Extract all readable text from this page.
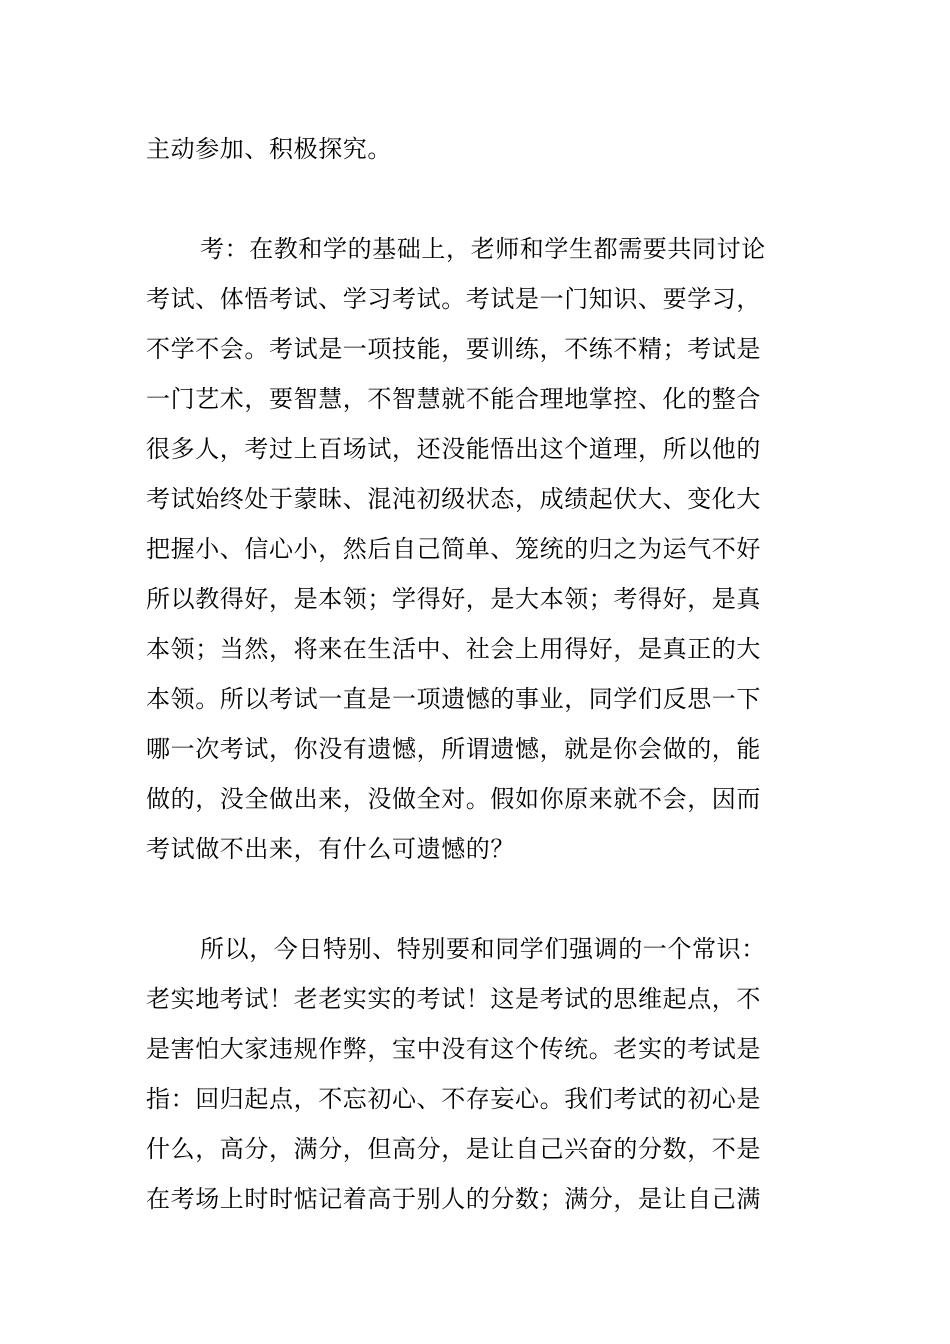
主动参加、积极探究。
考：在教和学的基础上，老师和学生都需要共同讨论
考试、体悟考试、学习考试。考试是一门知识、要学习，
不学不会。考试是一项技能，要训练，不练不精；考试是
一门艺术，要智慧，不智慧就不能合理地掌控、化的整合
很多人，考过上百场试，还没能悟出这个道理，所以他的
考试始终处于蒙昧、混沌初级状态，成绩起伏大、变化大
把握小、信心小，然后自己简单、笼统的归之为运气不好
所以教得好，是本领；学得好，是大本领；考得好，是真
本领；当然，将来在生活中、社会上用得好，是真正的大
本领。所以考试一直是一项遗憾的事业，同学们反思一下
哪一次考试，你没有遗憾，所谓遗憾，就是你会做的，能
做的，没全做出来，没做全对。假如你原来就不会，因而
考试做不出来，有什么可遗憾的？
所以，今日特别、特别要和同学们强调的一个常识：
老实地考试！老老实实的考试！这是考试的思维起点，不
是害怕大家违规作弊，宝中没有这个传统。老实的考试是
指：回归起点，不忘初心、不存妄心。我们考试的初心是
什么，高分，满分，但高分，是让自己兴奋的分数，不是
在考场上时时惦记着高于别人的分数；满分，是让自己满
